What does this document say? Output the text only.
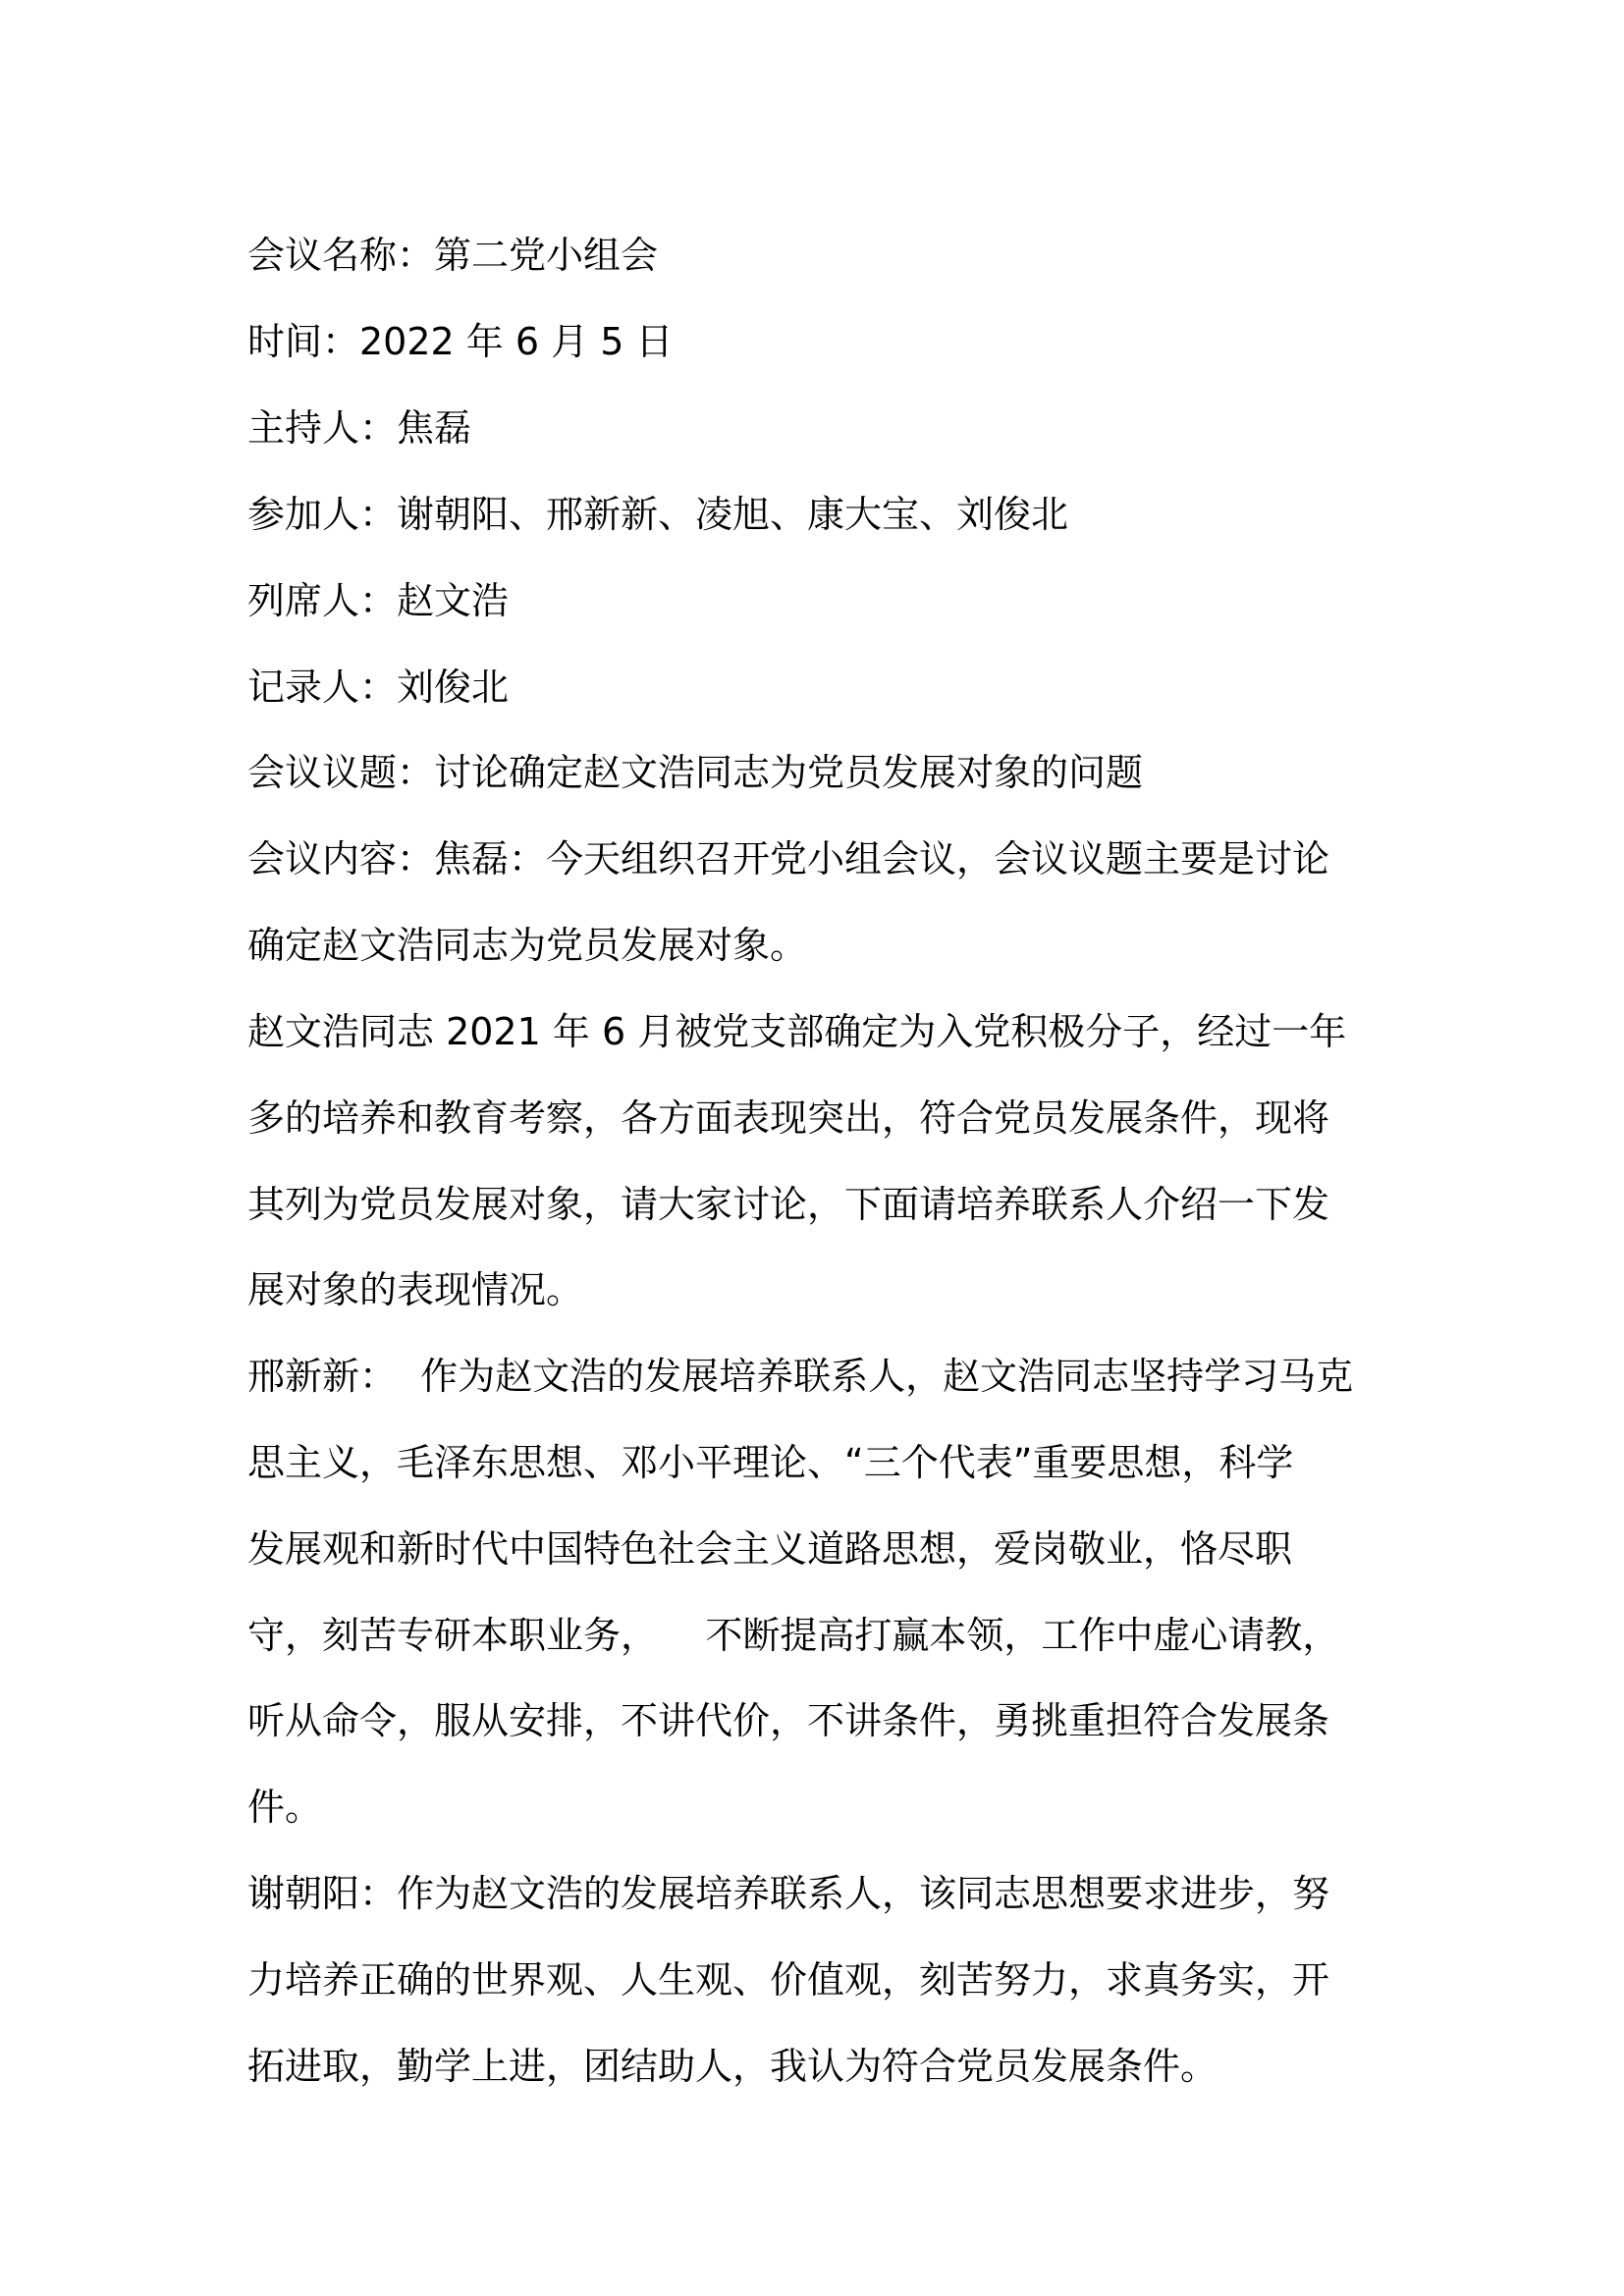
会议名称：第二党小组会
时间：2022 年 6 月 5 日
主持人：焦磊
参加人：谢朝阳、邢新新、凌旭、康大宝、刘俊北
列席人：赵文浩
记录人：刘俊北
会议议题：讨论确定赵文浩同志为党员发展对象的问题
会议内容：焦磊：今天组织召开党小组会议，会议议题主要是讨论
确定赵文浩同志为党员发展对象。
赵文浩同志 2021 年 6 月被党支部确定为入党积极分子，经过一年
多的培养和教育考察，各方面表现突出，符合党员发展条件，现将
其列为党员发展对象，请大家讨论，下面请培养联系人介绍一下发
展对象的表现情况。
邢新新：  作为赵文浩的发展培养联系人，赵文浩同志坚持学习马克
思主义，毛泽东思想、邓小平理论、“三个代表”重要思想，科学
发展观和新时代中国特色社会主义道路思想，爱岗敬业，恪尽职
守，刻苦专研本职业务，    不断提高打赢本领，工作中虚心请教，
听从命令，服从安排，不讲代价，不讲条件，勇挑重担符合发展条
件。
谢朝阳：作为赵文浩的发展培养联系人，该同志思想要求进步，努
力培养正确的世界观、人生观、价值观，刻苦努力，求真务实，开
拓进取，勤学上进，团结助人，我认为符合党员发展条件。
